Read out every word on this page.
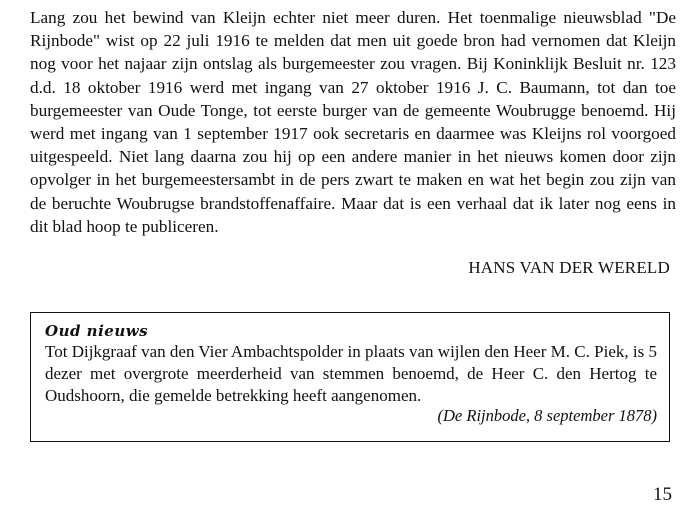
Lang zou het bewind van Kleijn echter niet meer duren. Het toenmalige nieuwsblad "De Rijnbode" wist op 22 juli 1916 te melden dat men uit goede bron had vernomen dat Kleijn nog voor het najaar zijn ontslag als burgemeester zou vragen. Bij Koninklijk Besluit nr. 123 d.d. 18 oktober 1916 werd met ingang van 27 oktober 1916 J. C. Baumann, tot dan toe burgemeester van Oude Tonge, tot eerste burger van de gemeente Woubrugge benoemd. Hij werd met ingang van 1 september 1917 ook secretaris en daarmee was Kleijns rol voorgoed uitgespeeld. Niet lang daarna zou hij op een andere manier in het nieuws komen door zijn opvolger in het burgemeestersambt in de pers zwart te maken en wat het begin zou zijn van de beruchte Woubrugse brandstoffenaffaire. Maar dat is een verhaal dat ik later nog eens in dit blad hoop te publiceren.

HANS VAN DER WERELD
Oud nieuws

Tot Dijkgraaf van den Vier Ambachtspolder in plaats van wijlen den Heer M. C. Piek, is 5 dezer met overgrote meerderheid van stemmen benoemd, de Heer C. den Hertog te Oudshoorn, die gemelde betrekking heeft aangenomen.

(De Rijnbode, 8 september 1878)
15
